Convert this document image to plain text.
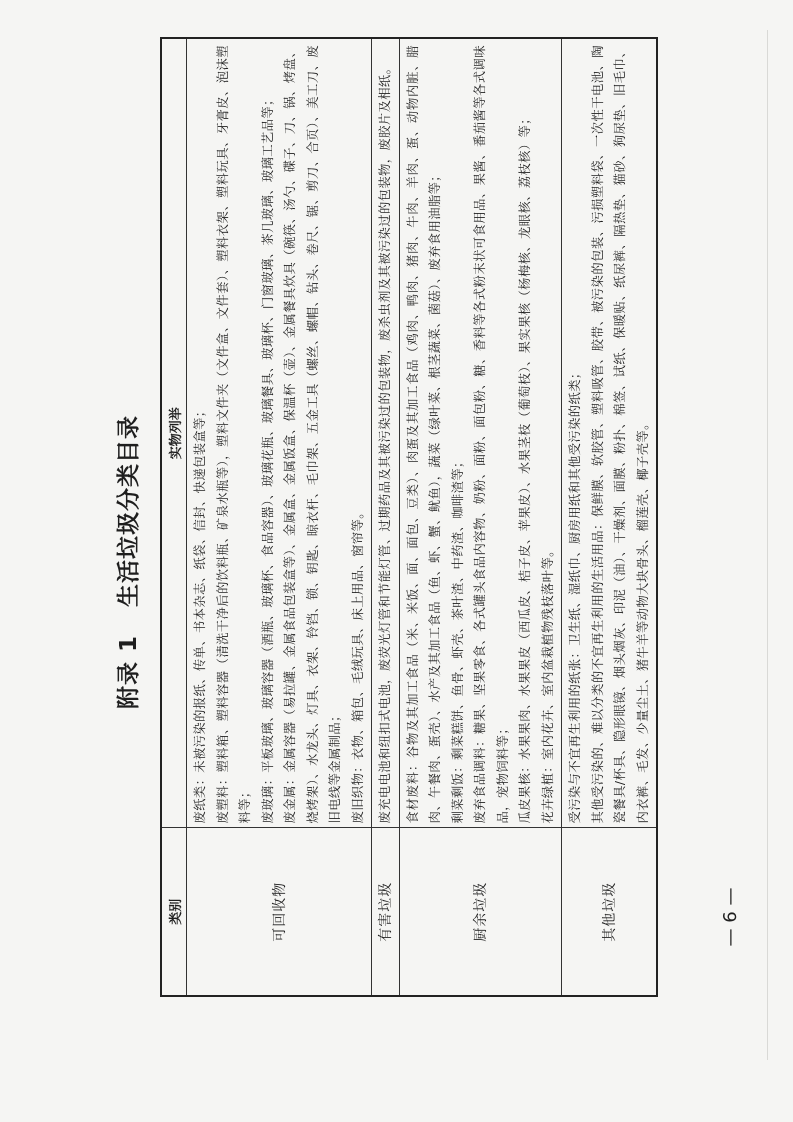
附录 1生活垃圾分类目录
类别	实物列举
可回收物	废纸类：未被污染的报纸、传单、书本杂志、纸袋、信封、快递包装盒等； 废塑料：塑料箱、塑料容器（清洗干净后的饮料瓶、矿泉水瓶等），塑料文件夹（文件盒、文件套）、塑料衣架、塑料玩具、牙膏皮、泡沫塑料等； 废玻璃：平板玻璃、玻璃容器（酒瓶、玻璃杯、食品容器）、玻璃花瓶、玻璃餐具、玻璃杯、门窗玻璃、茶几玻璃、玻璃工艺品等； 废金属：金属容器（易拉罐、金属食品包装盒等）、金属盒、金属饭盒、保温杯（壶）、金属餐具炊具（碗筷、汤勺、碟子、刀、锅、烤盘、烧烤架）、水龙头、灯具、衣架、铃铛、锁、钥匙、晾衣杆、毛巾架、五金工具（螺丝、螺帽、钻头、卷尺、锯、剪刀、合页）、美工刀、废旧电线等金属制品； 废旧织物：衣物、箱包、毛绒玩具、床上用品、窗帘等。

有害垃圾	废充电电池和纽扣式电池，废荧光灯管和节能灯管、过期药品及其被污染过的包装物，废杀虫剂及其被污染过的包装物，废胶片及相纸。

厨余垃圾	食材废料：谷物及其加工食品（米、米饭、面、面包、豆类）、肉蛋及其加工食品（鸡肉、鸭肉、猪肉、牛肉、羊肉、蛋、动物内脏、腊肉、午餐肉、蛋壳）、水产及其加工食品（鱼、虾、蟹、鱿鱼），蔬菜（绿叶菜、根茎蔬菜、菌菇）、废弃食用油脂等； 剩菜剩饭：剩菜糕饼、鱼骨、虾壳、茶叶渣、中药渣、咖啡渣等； 废弃食品调料：糖果、坚果零食、各式罐头食品内容物、奶粉、面粉、面包粉、糖、香料等各式粉末状可食用品、果酱、番茄酱等各式调味品，宠物饲料等； 瓜皮果核：水果果肉、水果果皮（西瓜皮、桔子皮、苹果皮）、水果茎枝（葡萄枝）、果实果核（杨梅核、龙眼核、荔枝核）等； 花卉绿植：室内花卉、室内盆栽植物残枝落叶等。

其他垃圾	受污染与不宜再生利用的纸张：卫生纸、湿纸巾、厨房用纸和其他受污染的纸类； 其他受污染的、难以分类的不宜再生利用的生活用品：保鲜膜、软胶管、塑料吸管、胶带、被污染的包装、污损塑料袋、一次性干电池、陶瓷餐具/杯具、隐形眼镜、烟头烟灰、印泥（油）、干燥剂、面膜、粉扑、棉签、试纸、保暖贴、纸尿裤、隔热垫、猫砂、狗尿垫、旧毛巾、内衣裤、毛发、少量尘土、猪牛羊等动物大块骨头、榴莲壳、椰子壳等。

— 6 —
